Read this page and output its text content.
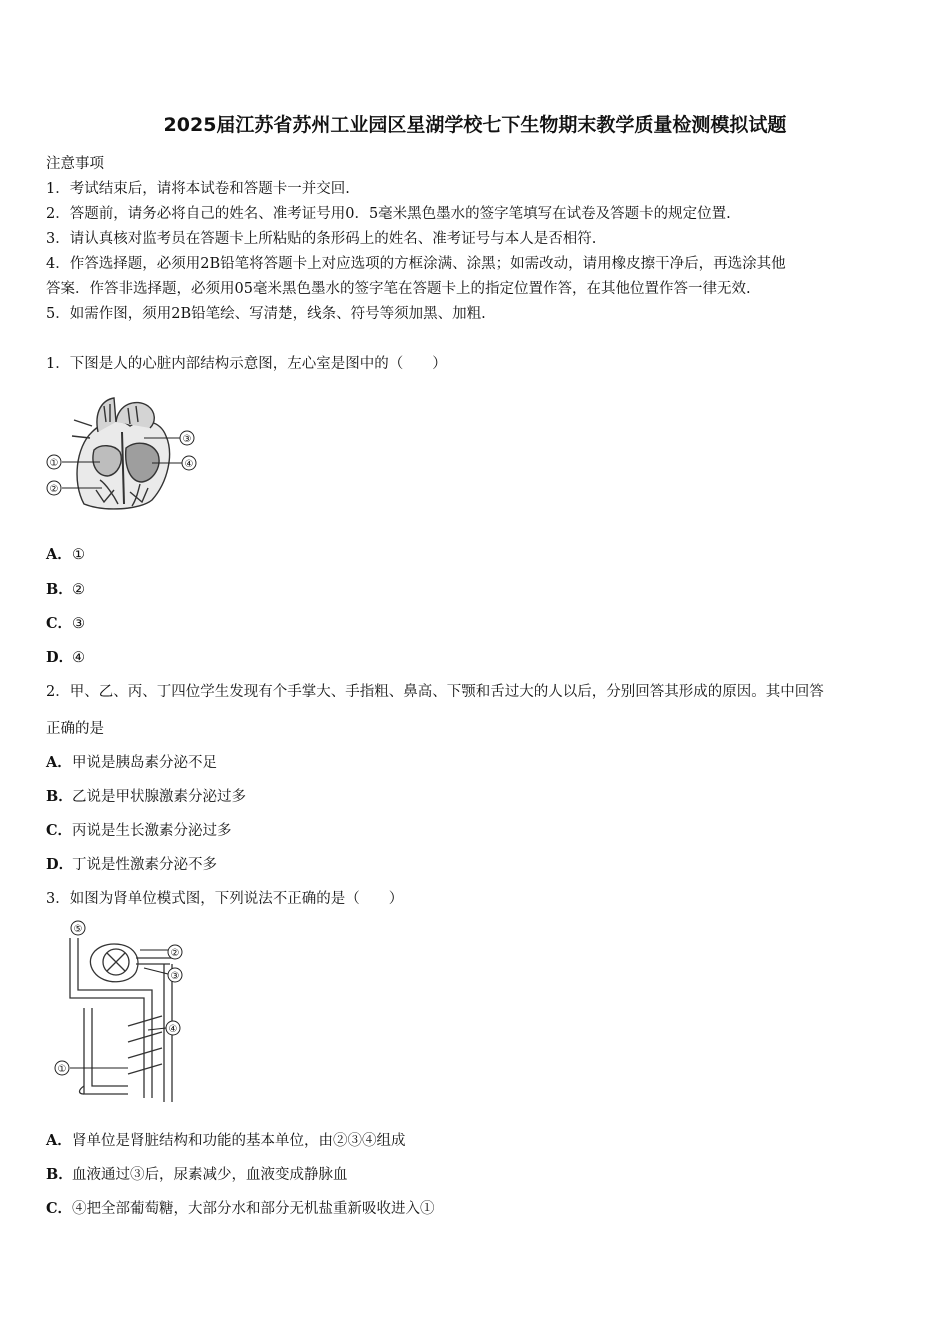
2025届江苏省苏州工业园区星湖学校七下生物期末教学质量检测模拟试题
注意事项
1．考试结束后，请将本试卷和答题卡一并交回.
2．答题前，请务必将自己的姓名、准考证号用0．5毫米黑色墨水的签字笔填写在试卷及答题卡的规定位置.
3．请认真核对监考员在答题卡上所粘贴的条形码上的姓名、准考证号与本人是否相符.
4．作答选择题，必须用2B铅笔将答题卡上对应选项的方框涂满、涂黑；如需改动，请用橡皮擦干净后，再选涂其他
答案．作答非选择题，必须用05毫米黑色墨水的签字笔在答题卡上的指定位置作答，在其他位置作答一律无效.
5．如需作图，须用2B铅笔绘、写清楚，线条、符号等须加黑、加粗.
1．下图是人的心脏内部结构示意图，左心室是图中的（　　）
①
②
③
④
A．①
B．②
C．③
D．④
2．甲、乙、丙、丁四位学生发现有个手掌大、手指粗、鼻高、下颚和舌过大的人以后，分别回答其形成的原因。其中回答
正确的是
A．甲说是胰岛素分泌不足
B．乙说是甲状腺激素分泌过多
C．丙说是生长激素分泌过多
D．丁说是性激素分泌不多
3．如图为肾单位模式图，下列说法不正确的是（　　）
⑤
②
③
④
①
A．肾单位是肾脏结构和功能的基本单位，由②③④组成
B．血液通过③后，尿素减少，血液变成静脉血
C．④把全部葡萄糖，大部分水和部分无机盐重新吸收进入①
